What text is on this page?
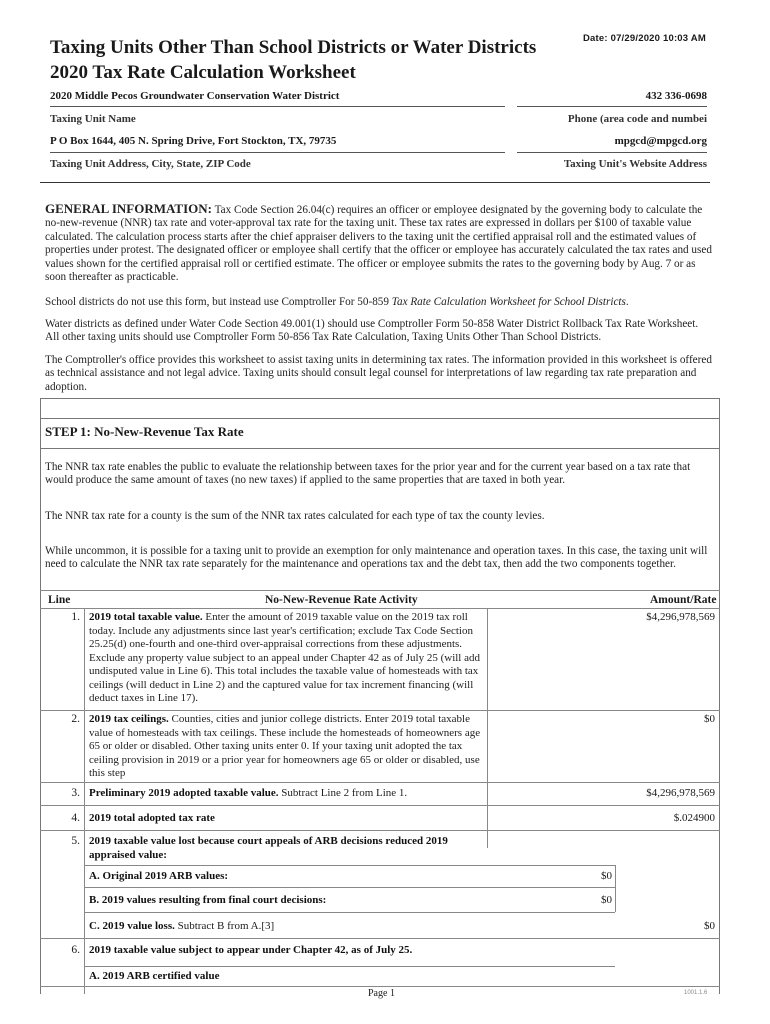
Date: 07/29/2020 10:03 AM
Taxing Units Other Than School Districts or Water Districts
2020 Tax Rate Calculation Worksheet
2020 Middle Pecos Groundwater Conservation Water District
Taxing Unit Name
432 336-0698
Phone (area code and numbei
P O Box 1644, 405 N. Spring Drive, Fort Stockton, TX, 79735
Taxing Unit Address, City, State, ZIP Code
mpgcd@mpgcd.org
Taxing Unit's Website Address
GENERAL INFORMATION: Tax Code Section 26.04(c) requires an officer or employee designated by the governing body to calculate the no-new-revenue (NNR) tax rate and voter-approval tax rate for the taxing unit. These tax rates are expressed in dollars per $100 of taxable value calculated. The calculation process starts after the chief appraiser delivers to the taxing unit the certified appraisal roll and the estimated values of properties under protest. The designated officer or employee shall certify that the officer or employee has accurately calculated the tax rates and used values shown for the certified appraisal roll or certified estimate. The officer or employee submits the rates to the governing body by Aug. 7 or as soon thereafter as practicable.
School districts do not use this form, but instead use Comptroller For 50-859 Tax Rate Calculation Worksheet for School Districts.
Water districts as defined under Water Code Section 49.001(1) should use Comptroller Form 50-858 Water District Rollback Tax Rate Worksheet. All other taxing units should use Comptroller Form 50-856 Tax Rate Calculation, Taxing Units Other Than School Districts.
The Comptroller's office provides this worksheet to assist taxing units in determining tax rates. The information provided in this worksheet is offered as technical assistance and not legal advice. Taxing units should consult legal counsel for interpretations of law regarding tax rate preparation and adoption.
STEP 1: No-New-Revenue Tax Rate
The NNR tax rate enables the public to evaluate the relationship between taxes for the prior year and for the current year based on a tax rate that would produce the same amount of taxes (no new taxes) if applied to the same properties that are taxed in both year.
The NNR tax rate for a county is the sum of the NNR tax rates calculated for each type of tax the county levies.
While uncommon, it is possible for a taxing unit to provide an exemption for only maintenance and operation taxes. In this case, the taxing unit will need to calculate the NNR tax rate separately for the maintenance and operations tax and the debt tax, then add the two components together.
Line	No-New-Revenue Rate Activity	Amount/Rate
1. 2019 total taxable value. Enter the amount of 2019 taxable value on the 2019 tax roll today. Include any adjustments since last year's certification; exclude Tax Code Section 25.25(d) one-fourth and one-third over-appraisal corrections from these adjustments. Exclude any property value subject to an appeal under Chapter 42 as of July 25 (will add undisputed value in Line 6). This total includes the taxable value of homesteads with tax ceilings (will deduct in Line 2) and the captured value for tax increment financing (will deduct taxes in Line 17).
$4,296,978,569
2. 2019 tax ceilings. Counties, cities and junior college districts. Enter 2019 total taxable value of homesteads with tax ceilings. These include the homesteads of homeowners age 65 or older or disabled. Other taxing units enter 0. If your taxing unit adopted the tax ceiling provision in 2019 or a prior year for homeowners age 65 or older or disabled, use this step
$0
3. Preliminary 2019 adopted taxable value. Subtract Line 2 from Line 1.	$4,296,978,569
4. 2019 total adopted tax rate	$.024900
5. 2019 taxable value lost because court appeals of ARB decisions reduced 2019 appraised value:
A. Original 2019 ARB values:	$0
B. 2019 values resulting from final court decisions:	$0
C. 2019 value loss. Subtract B from A.[3]	$0
6. 2019 taxable value subject to appear under Chapter 42, as of July 25.
A. 2019 ARB certified value
Page 1	1001.1.6
